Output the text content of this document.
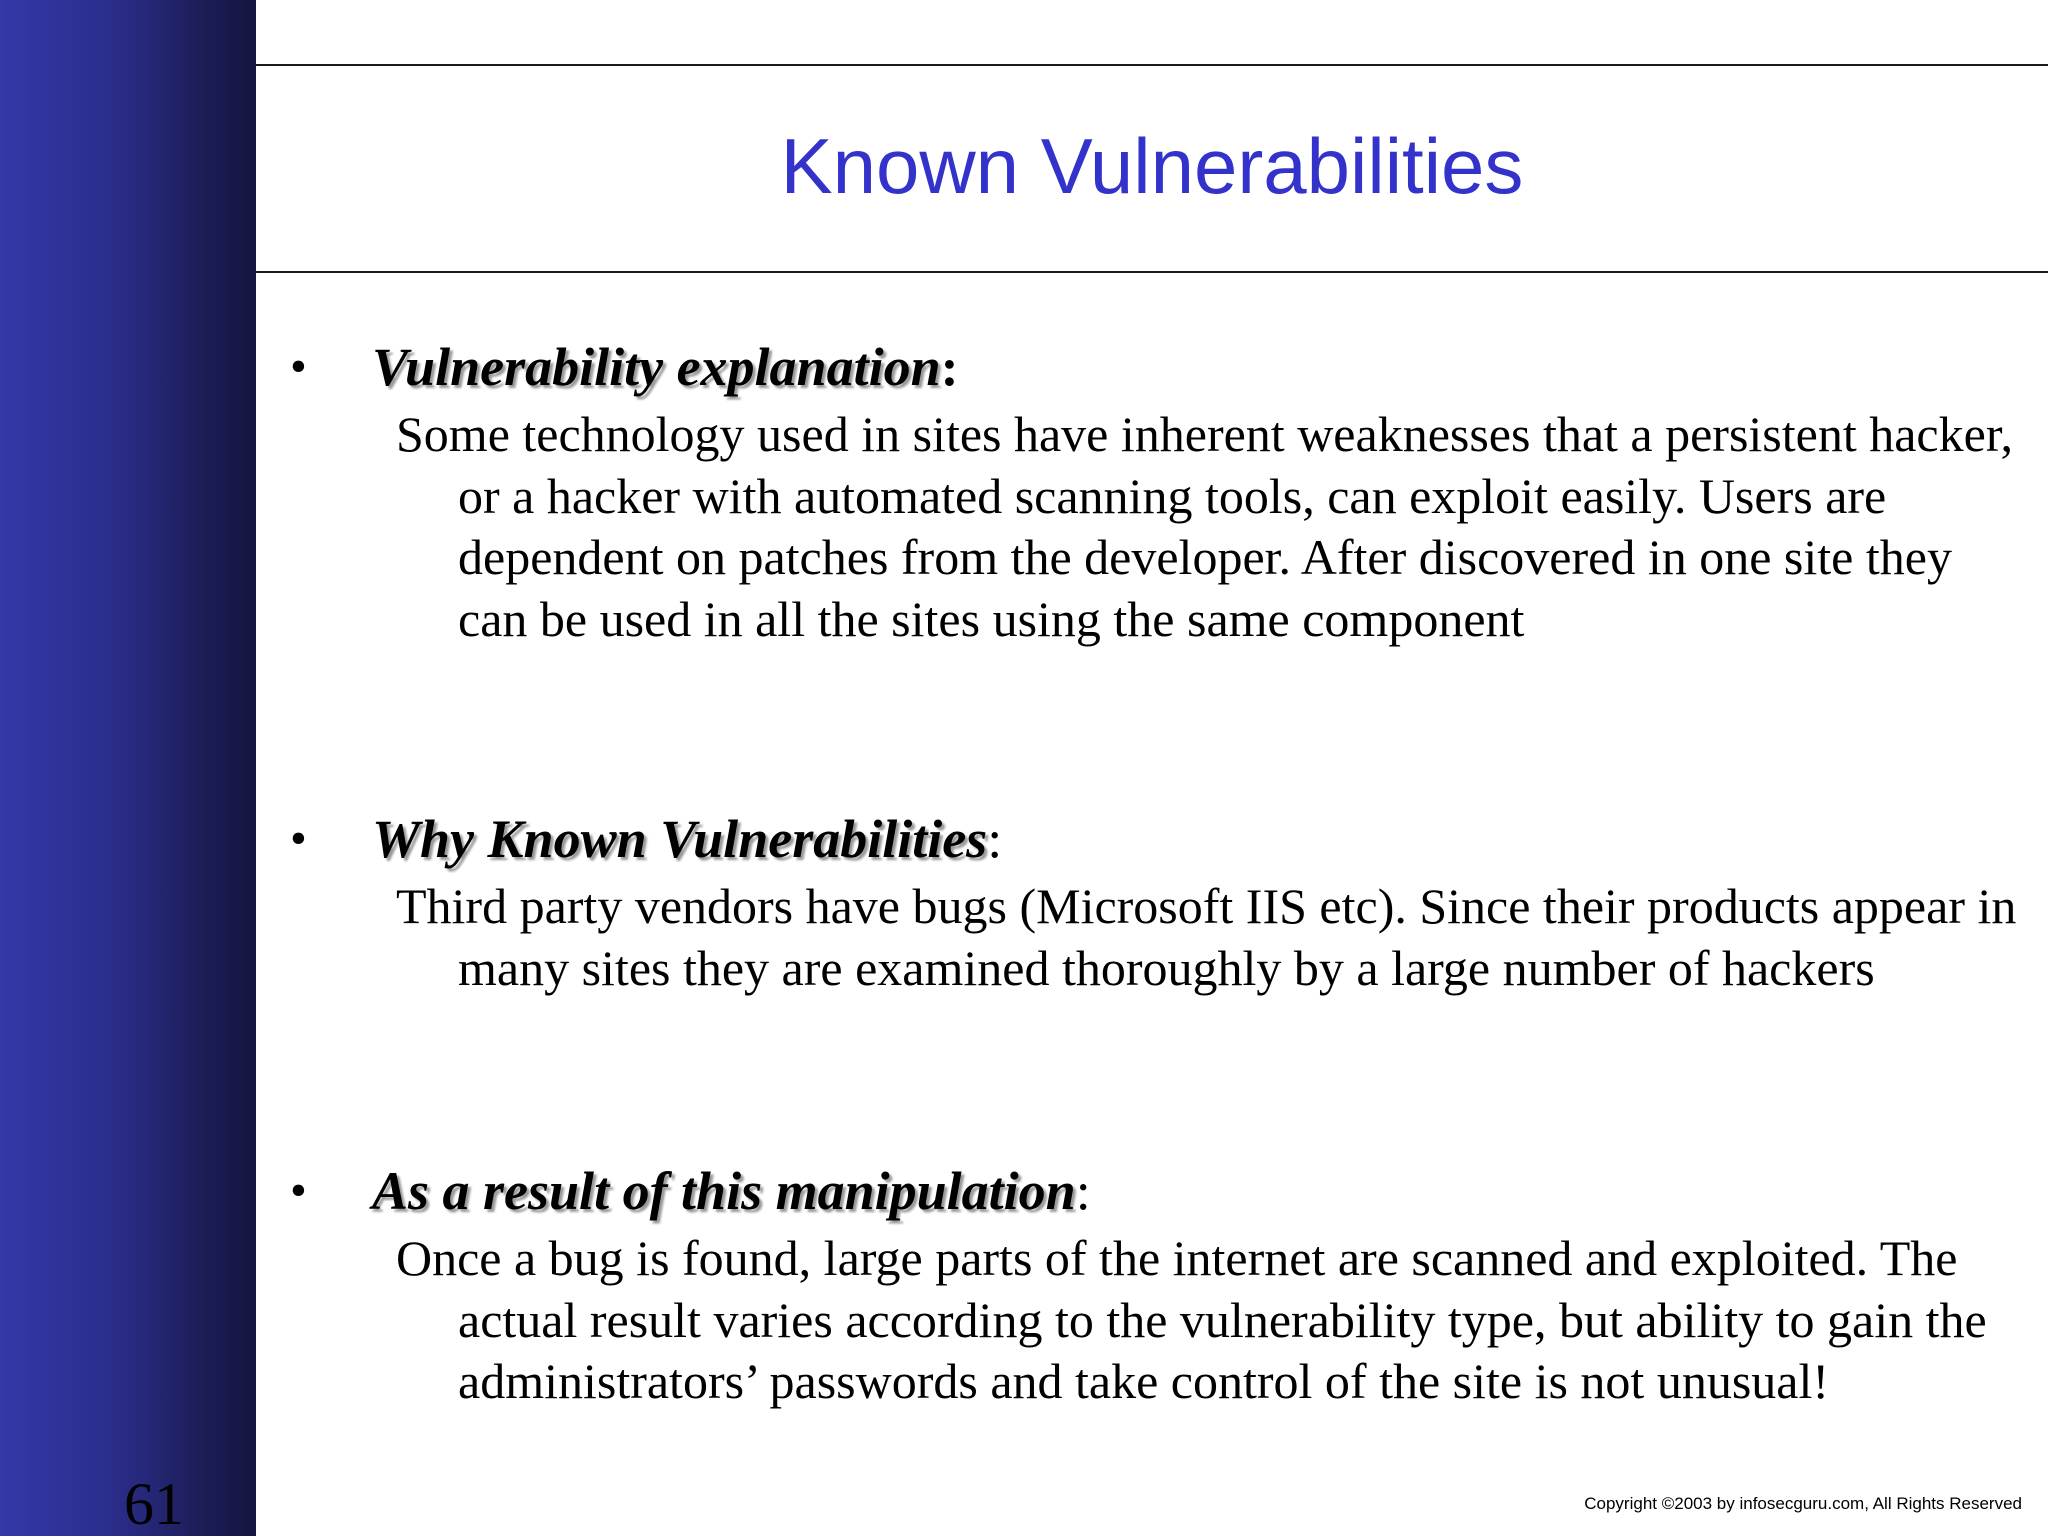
Known Vulnerabilities
• Vulnerability explanation:

Some technology used in sites have inherent weaknesses that a persistent hacker, or a hacker with automated scanning tools, can exploit easily. Users are dependent on patches from the developer. After discovered in one site they can be used in all the sites using the same component

• Why Known Vulnerabilities:

Third party vendors have bugs (Microsoft IIS etc). Since their products appear in many sites they are examined thoroughly by a large number of hackers

• As a result of this manipulation:

Once a bug is found, large parts of the internet are scanned and exploited. The actual result varies according to the vulnerability type, but ability to gain the administrators’ passwords and take control of the site is not unusual!

61	Copyright ©2003 by infosecguru.com, All Rights Reserved
